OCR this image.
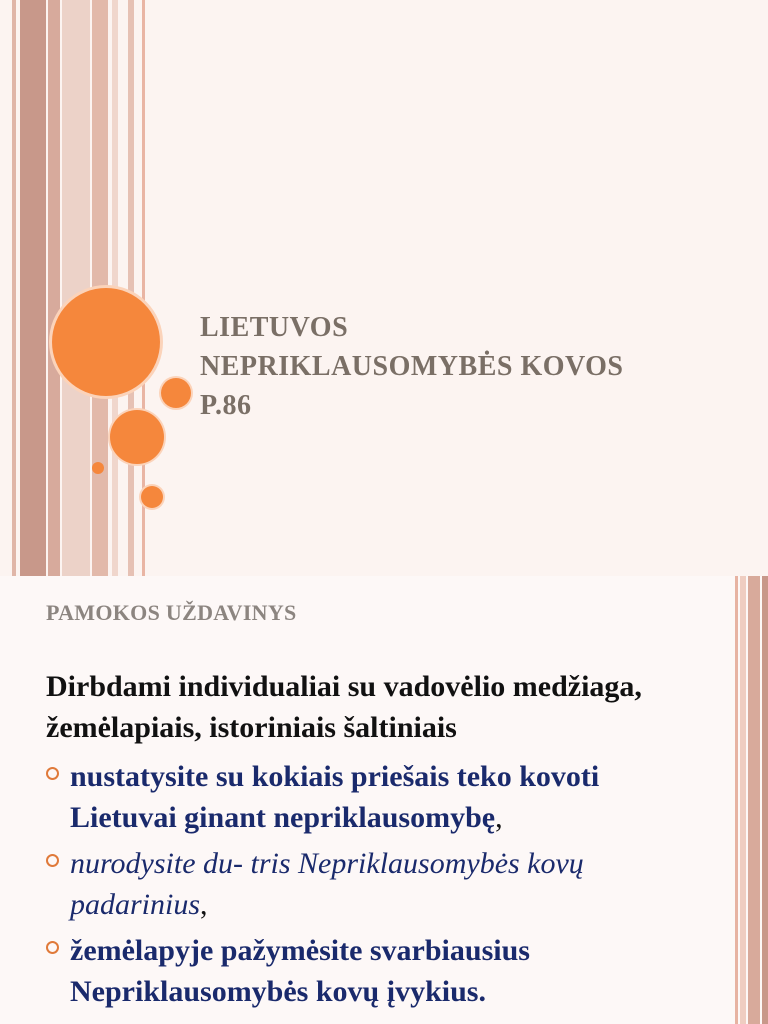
LIETUVOS
NEPRIKLAUSOMYBĖS KOVOS
P.86
PAMOKOS UŽDAVINYS

Dirbdami individualiai su vadovėlio medžiaga, žemėlapiais, istoriniais šaltiniais

nustatysite su kokiais priešais teko kovoti Lietuvai ginant nepriklausomybę,
nurodysite du- tris Nepriklausomybės kovų padarinius,
žemėlapyje pažymėsite svarbiausius Nepriklausomybės kovų įvykius.
